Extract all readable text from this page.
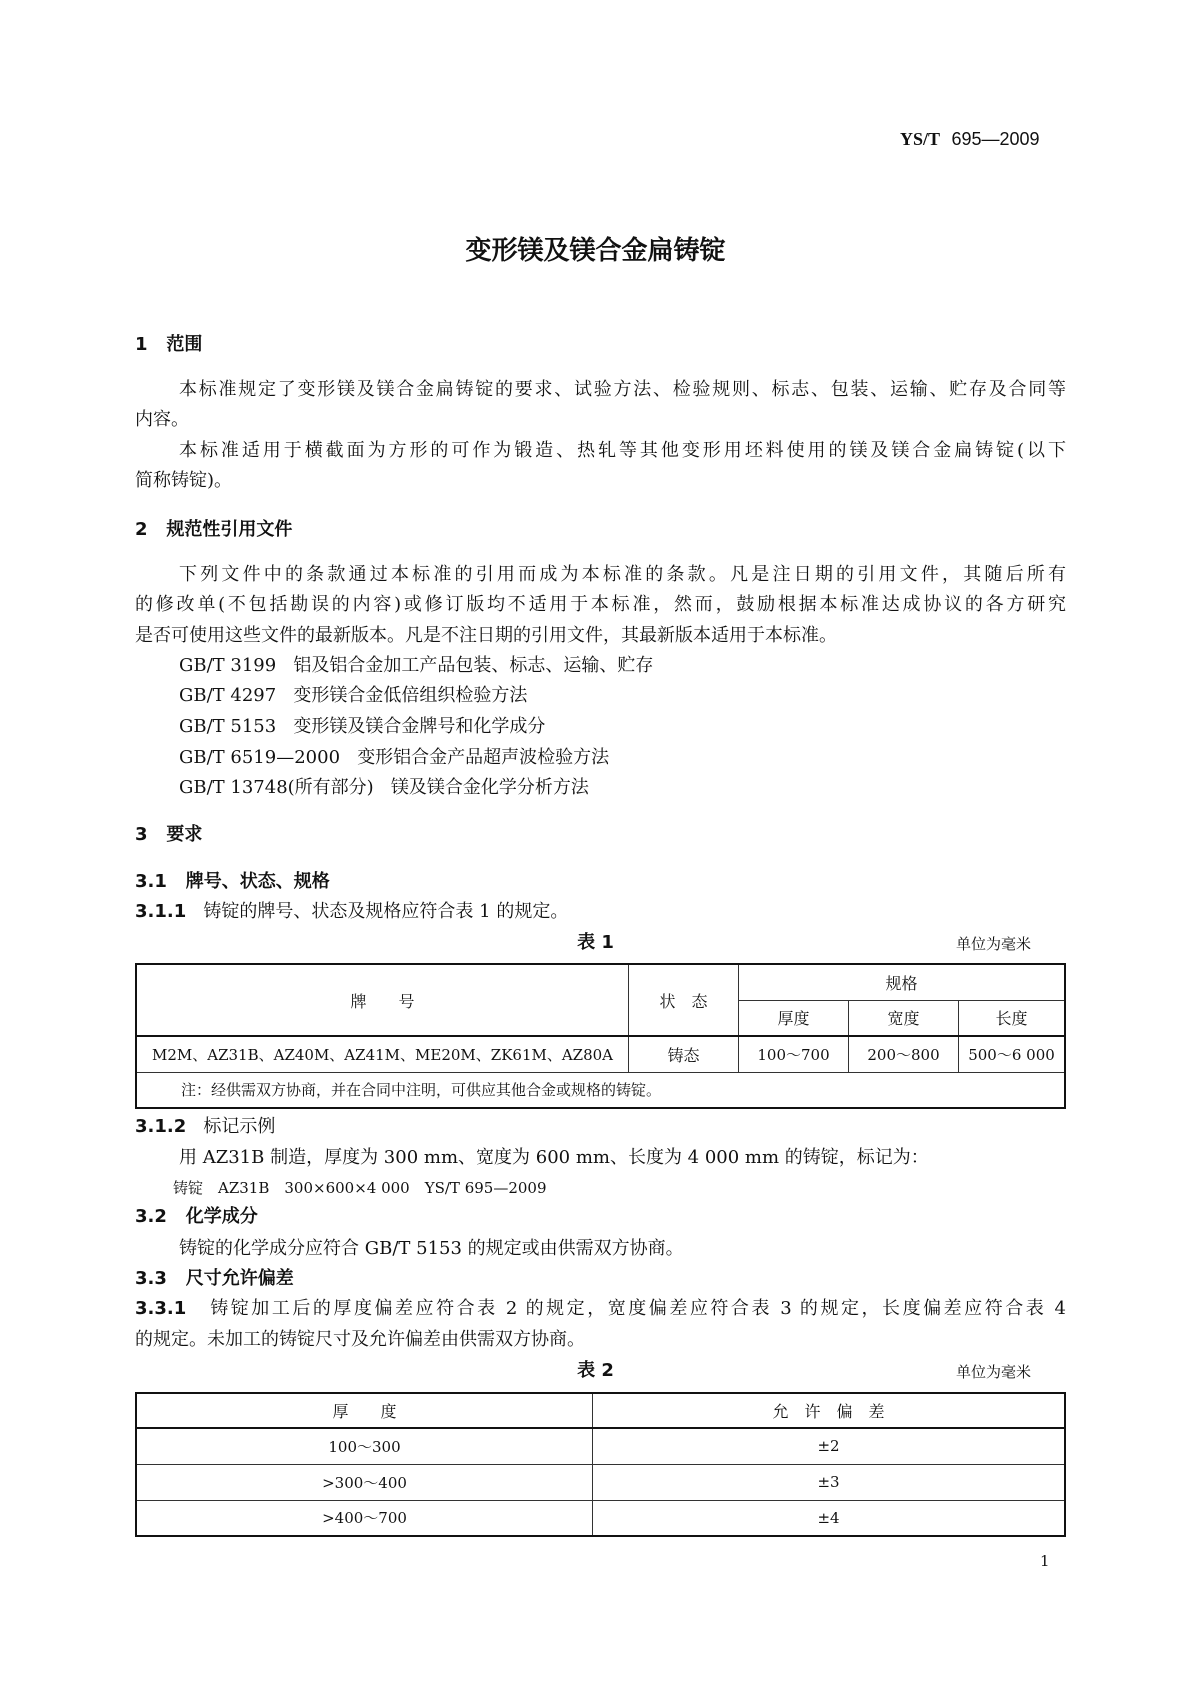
YS/T 695—2009
变形镁及镁合金扁铸锭
1 范围
本标准规定了变形镁及镁合金扁铸锭的要求、试验方法、检验规则、标志、包装、运输、贮存及合同等
内容。
本标准适用于横截面为方形的可作为锻造、热轧等其他变形用坯料使用的镁及镁合金扁铸锭(以下
简称铸锭)。
2 规范性引用文件
下列文件中的条款通过本标准的引用而成为本标准的条款。凡是注日期的引用文件，其随后所有
的修改单(不包括勘误的内容)或修订版均不适用于本标准，然而，鼓励根据本标准达成协议的各方研究
是否可使用这些文件的最新版本。凡是不注日期的引用文件，其最新版本适用于本标准。
GB/T 3199 铝及铝合金加工产品包装、标志、运输、贮存
GB/T 4297 变形镁合金低倍组织检验方法
GB/T 5153 变形镁及镁合金牌号和化学成分
GB/T 6519—2000 变形铝合金产品超声波检验方法
GB/T 13748(所有部分) 镁及镁合金化学分析方法
3 要求
3.1 牌号、状态、规格
3.1.1 铸锭的牌号、状态及规格应符合表 1 的规定。
表 1	单位为毫米
牌　　号	状　态	规格		
		厚度	宽度	长度
M2M、AZ31B、AZ40M、AZ41M、ME20M、ZK61M、AZ80A	铸态	100～700	200～800	500～6 000
注：经供需双方协商，并在合同中注明，可供应其他合金或规格的铸锭。				
3.1.2 标记示例
用 AZ31B 制造，厚度为 300 mm、宽度为 600 mm、长度为 4 000 mm 的铸锭，标记为：
铸锭　AZ31B　300×600×4 000　YS/T 695—2009
3.2 化学成分
铸锭的化学成分应符合 GB/T 5153 的规定或由供需双方协商。
3.3 尺寸允许偏差
3.3.1 铸锭加工后的厚度偏差应符合表 2 的规定，宽度偏差应符合表 3 的规定，长度偏差应符合表 4
的规定。未加工的铸锭尺寸及允许偏差由供需双方协商。
表 2	单位为毫米
厚　　度	允　许　偏　差
100～300	±2
>300～400	±3
>400～700	±4
1
